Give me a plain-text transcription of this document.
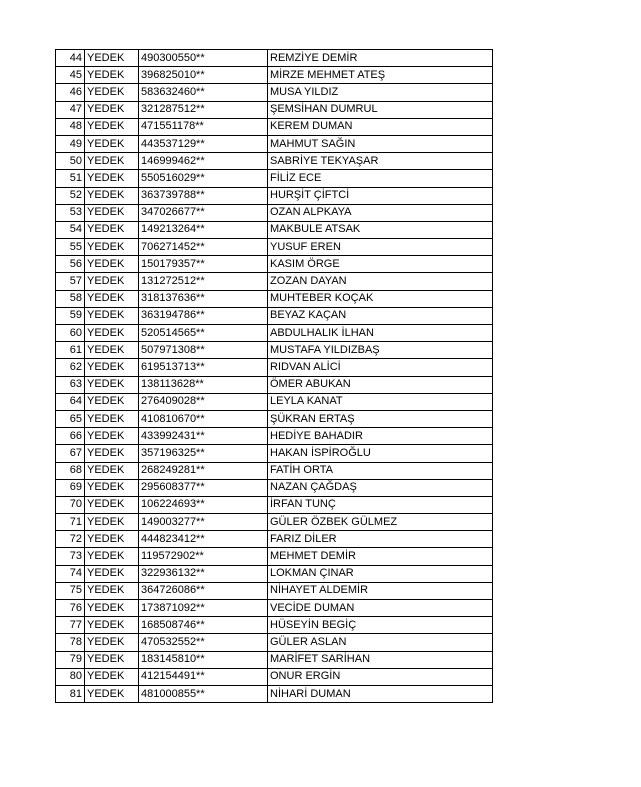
44	YEDEK	490300550**	REMZİYE DEMİR
45	YEDEK	396825010**	MİRZE MEHMET ATEŞ
46	YEDEK	583632460**	MUSA YILDIZ
47	YEDEK	321287512**	ŞEMSİHAN DUMRUL
48	YEDEK	471551178**	KEREM DUMAN
49	YEDEK	443537129**	MAHMUT SAĞIN
50	YEDEK	146999462**	SABRİYE TEKYAŞAR
51	YEDEK	550516029**	FİLİZ ECE
52	YEDEK	363739788**	HURŞİT ÇİFTCİ
53	YEDEK	347026677**	OZAN ALPKAYA
54	YEDEK	149213264**	MAKBULE ATSAK
55	YEDEK	706271452**	YUSUF EREN
56	YEDEK	150179357**	KASIM ÖRGE
57	YEDEK	131272512**	ZOZAN DAYAN
58	YEDEK	318137636**	MUHTEBER KOÇAK
59	YEDEK	363194786**	BEYAZ KAÇAN
60	YEDEK	520514565**	ABDULHALIK İLHAN
61	YEDEK	507971308**	MUSTAFA YILDIZBAŞ
62	YEDEK	619513713**	RIDVAN ALİCİ
63	YEDEK	138113628**	ÖMER ABUKAN
64	YEDEK	276409028**	LEYLA KANAT
65	YEDEK	410810670**	ŞÜKRAN ERTAŞ
66	YEDEK	433992431**	HEDİYE BAHADIR
67	YEDEK	357196325**	HAKAN İSPİROĞLU
68	YEDEK	268249281**	FATİH ORTA
69	YEDEK	295608377**	NAZAN ÇAĞDAŞ
70	YEDEK	106224693**	İRFAN TUNÇ
71	YEDEK	149003277**	GÜLER ÖZBEK GÜLMEZ
72	YEDEK	444823412**	FARIZ DİLER
73	YEDEK	119572902**	MEHMET DEMİR
74	YEDEK	322936132**	LOKMAN ÇINAR
75	YEDEK	364726086**	NİHAYET ALDEMİR
76	YEDEK	173871092**	VECİDE DUMAN
77	YEDEK	168508746**	HÜSEYİN BEGİÇ
78	YEDEK	470532552**	GÜLER ASLAN
79	YEDEK	183145810**	MARİFET SARİHAN
80	YEDEK	412154491**	ONUR ERGİN
81	YEDEK	481000855**	NİHARİ DUMAN
